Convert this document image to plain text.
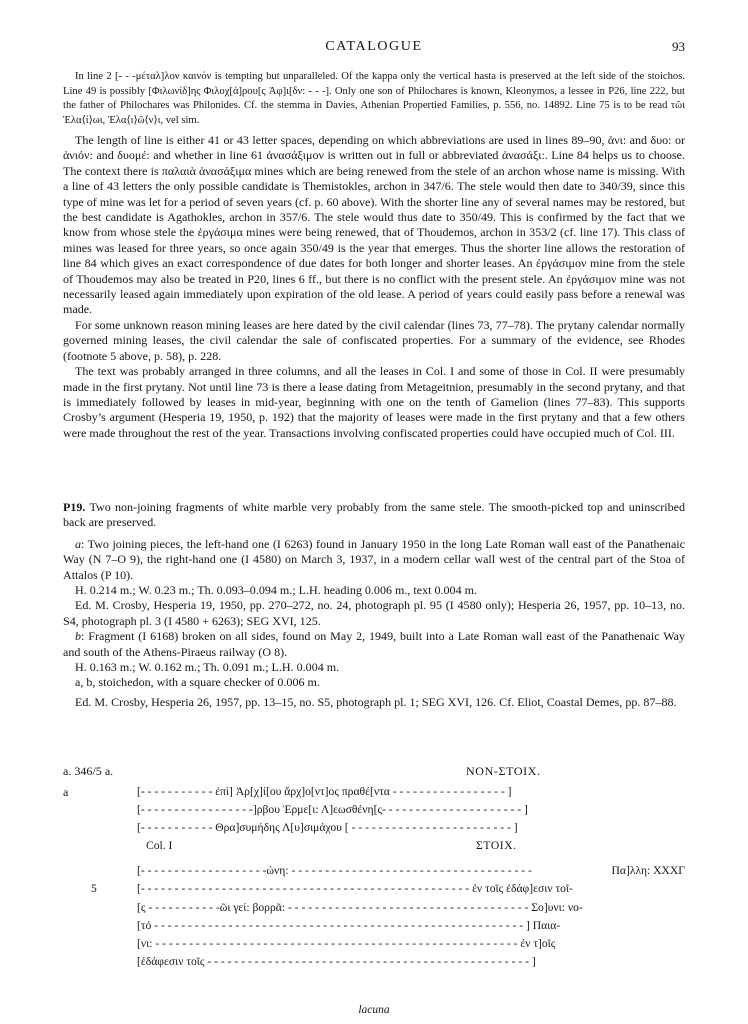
CATALOGUE	93

In line 2 [- - -μέταλ]λον καινόν is tempting but unparalleled. Of the kappa only the vertical hasta is preserved at the left side of the stoichos. Line 49 is possibly [Φιλωνίδ]ης Φιλοχ[ά]ρου[ς Ἀφ]ι[δν: - - -]. Only one son of Philochares is known, Kleonymos, a lessee in P26, line 222, but the father of Philochares was Philonides. Cf. the stemma in Davies, Athenian Propertied Families, p. 556, no. 14892. Line 75 is to be read τῶι Ἐλα⟨ί⟩ωι, Ἐλα⟨ι⟩ῶ⟨ν⟩ι, vel sim.

The length of line is either 41 or 43 letter spaces, depending on which abbreviations are used in lines 89–90, ἀνι: and δυο: or ἀνιόν: and δυομέ: and whether in line 61 ἀνασάξιμον is written out in full or abbreviated ἀνασάξι:. Line 84 helps us to choose. The context there is παλαιὰ ἀνασάξιμα mines which are being renewed from the stele of an archon whose name is missing. With a line of 43 letters the only possible candidate is Themistokles, archon in 347/6. The stele would then date to 340/39, since this type of mine was let for a period of seven years (cf. p. 60 above). With the shorter line any of several names may be restored, but the best candidate is Agathokles, archon in 357/6. The stele would thus date to 350/49. This is confirmed by the fact that we know from whose stele the ἐργάσιμα mines were being renewed, that of Thoudemos, archon in 353/2 (cf. line 17). This class of mines was leased for three years, so once again 350/49 is the year that emerges. Thus the shorter line allows the restoration of line 84 which gives an exact correspondence of due dates for both longer and shorter leases. An ἐργάσιμον mine from the stele of Thoudemos may also be treated in P20, lines 6 ff., but there is no conflict with the present stele. An ἐργάσιμον mine was not necessarily leased again immediately upon expiration of the old lease. A period of years could easily pass before a renewal was made.

For some unknown reason mining leases are here dated by the civil calendar (lines 73, 77–78). The prytany calendar normally governed mining leases, the civil calendar the sale of confiscated properties. For a summary of the evidence, see Rhodes (footnote 5 above, p. 58), p. 228.

The text was probably arranged in three columns, and all the leases in Col. I and some of those in Col. II were presumably made in the first prytany. Not until line 73 is there a lease dating from Metageitnion, presumably in the second prytany, and that is immediately followed by leases in mid-year, beginning with one on the tenth of Gamelion (lines 77–83). This supports Crosby’s argument (Hesperia 19, 1950, p. 192) that the majority of leases were made in the first prytany and that a few others were made throughout the rest of the year. Transactions involving confiscated properties could have occupied much of Col. III.

P19. Two non-joining fragments of white marble very probably from the same stele. The smooth-picked top and uninscribed back are preserved.

a: Two joining pieces, the left-hand one (I 6263) found in January 1950 in the long Late Roman wall east of the Panathenaic Way (N 7–O 9), the right-hand one (I 4580) on March 3, 1937, in a modern cellar wall west of the central part of the Stoa of Attalos (P 10).

H. 0.214 m.; W. 0.23 m.; Th. 0.093–0.094 m.; L.H. heading 0.006 m., text 0.004 m.

Ed. M. Crosby, Hesperia 19, 1950, pp. 270–272, no. 24, photograph pl. 95 (I 4580 only); Hesperia 26, 1957, pp. 10–13, no. S4, photograph pl. 3 (I 4580 + 6263); SEG XVI, 125.

b: Fragment (I 6168) broken on all sides, found on May 2, 1949, built into a Late Roman wall east of the Panathenaic Way and south of the Athens-Piraeus railway (O 8).

H. 0.163 m.; W. 0.162 m.; Th. 0.091 m.; L.H. 0.004 m.

a, b, stoichedon, with a square checker of 0.006 m.

Ed. M. Crosby, Hesperia 26, 1957, pp. 13–15, no. S5, photograph pl. 1; SEG XVI, 126. Cf. Eliot, Coastal Demes, pp. 87–88.

a. 346/5 a.	NON-ΣΤΟΙΧ.
a	[- - - - - - - - - - - ἐπὶ] Ἀρ[χ]ί[ου ἄρχ]ο[ντ]ος πραθέ[ντα - - - - - - - - - - - - - - - - - ]
[- - - - - - - - - - - - - - - - -]ρβου Ἑρμε[ι: Λ]εωσθένη[ς- - - - - - - - - - - - - - - - - - - - - ]
[- - - - - - - - - - - Θρα]συμήδης Λ[υ]σιμάχου [ - - - - - - - - - - - - - - - - - - - - - - - - ]
Col. I	ΣΤΟΙΧ.
[- - - - - - - - - - - - - - - - - - -ώνη: - - - - - - - - - - - - - - - - - - - - - - - - - - - - - - - - - - - -	Πα]λλη: ΧΧΧΓ
5	[- - - - - - - - - - - - - - - - - - - - - - - - - - - - - - - - - - - - - - - - - - - - - - - - - ἐν τοῖς ἐδάφ]εσιν τοῖ-
[ς - - - - - - - - - - -ῶι γεί: βορρᾶ: - - - - - - - - - - - - - - - - - - - - - - - - - - - - - - - - - - - - Σο]υνι: νο-
[τό - - - - - - - - - - - - - - - - - - - - - - - - - - - - - - - - - - - - - - - - - - - - - - - - - - - - - - - ] Παια-
[νι: - - - - - - - - - - - - - - - - - - - - - - - - - - - - - - - - - - - - - - - - - - - - - - - - - - - - - - ἐν τ]οῖς
[ἐδάφεσιν τοῖς - - - - - - - - - - - - - - - - - - - - - - - - - - - - - - - - - - - - - - - - - - - - - - - - ]
lacuna
